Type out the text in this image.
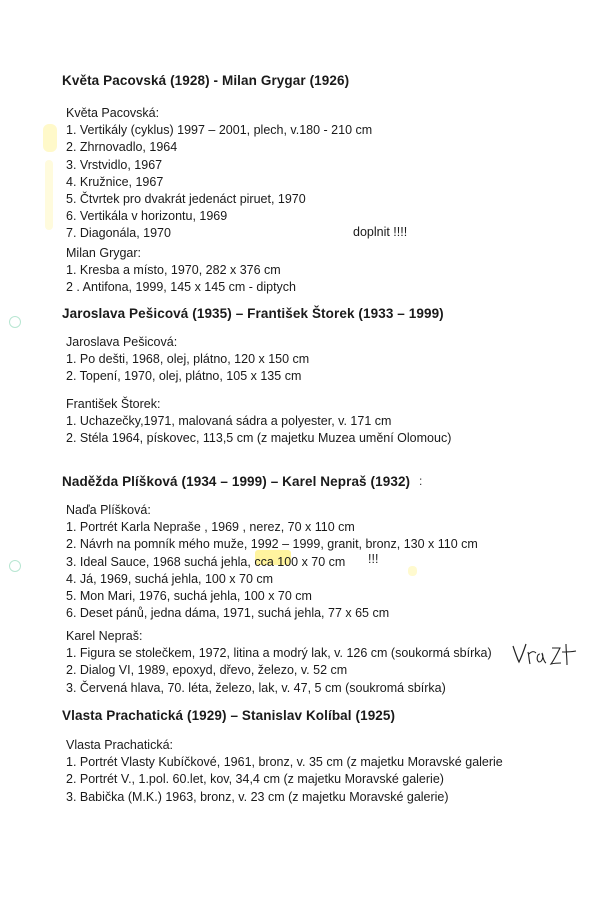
Květa Pacovská (1928) - Milan Grygar (1926)
Květa Pacovská:
1. Vertikály (cyklus) 1997 – 2001, plech, v.180 - 210 cm
2. Zhrnovadlo, 1964
3. Vrstvidlo, 1967
4. Kružnice, 1967
5. Čtvrtek pro dvakrát jedenáct piruet, 1970
6. Vertikála v horizontu, 1969
7. Diagonála, 1970	doplnit !!!!
Milan Grygar:
1. Kresba a místo, 1970, 282 x 376 cm
2 . Antifona, 1999, 145 x 145 cm - diptych
Jaroslava Pešicová (1935) – František Štorek (1933 – 1999)
Jaroslava Pešicová:
1. Po dešti, 1968, olej, plátno, 120 x 150 cm
2. Topení, 1970, olej, plátno, 105 x 135 cm
František Štorek:
1. Uchazečky,1971, malovaná sádra a polyester, v. 171 cm
2. Stéla 1964, pískovec, 113,5 cm (z majetku Muzea umění Olomouc)
Naděžda Plíšková (1934 – 1999) – Karel Nepraš (1932) :
Naďa Plíšková:
1. Portrét Karla Nepraše , 1969 , nerez, 70 x 110 cm
2. Návrh na pomník mého muže, 1992 – 1999, granit, bronz, 130 x 110 cm
3. Ideal Sauce, 1968 suchá jehla, cca 100 x 70 cm
4. Já, 1969, suchá jehla, 100 x 70 cm
5. Mon Mari, 1976, suchá jehla, 100 x 70 cm
6. Deset pánů, jedna dáma, 1971, suchá jehla, 77 x 65 cm
!!!
Karel Nepraš:
1. Figura se stolečkem, 1972, litina a modrý lak, v. 126 cm (soukormá sbírka)
2. Dialog VI, 1989, epoxyd, dřevo, železo, v. 52 cm
3. Červená hlava, 70. léta, železo, lak, v. 47, 5 cm (soukromá sbírka)
Vlasta Prachatická (1929) – Stanislav Kolíbal (1925)
Vlasta Prachatická:
1. Portrét Vlasty Kubíčkové, 1961, bronz, v. 35 cm (z majetku Moravské galerie
2. Portrét V., 1.pol. 60.let, kov, 34,4 cm (z majetku Moravské galerie)
3. Babička (M.K.) 1963, bronz, v. 23 cm (z majetku Moravské galerie)
